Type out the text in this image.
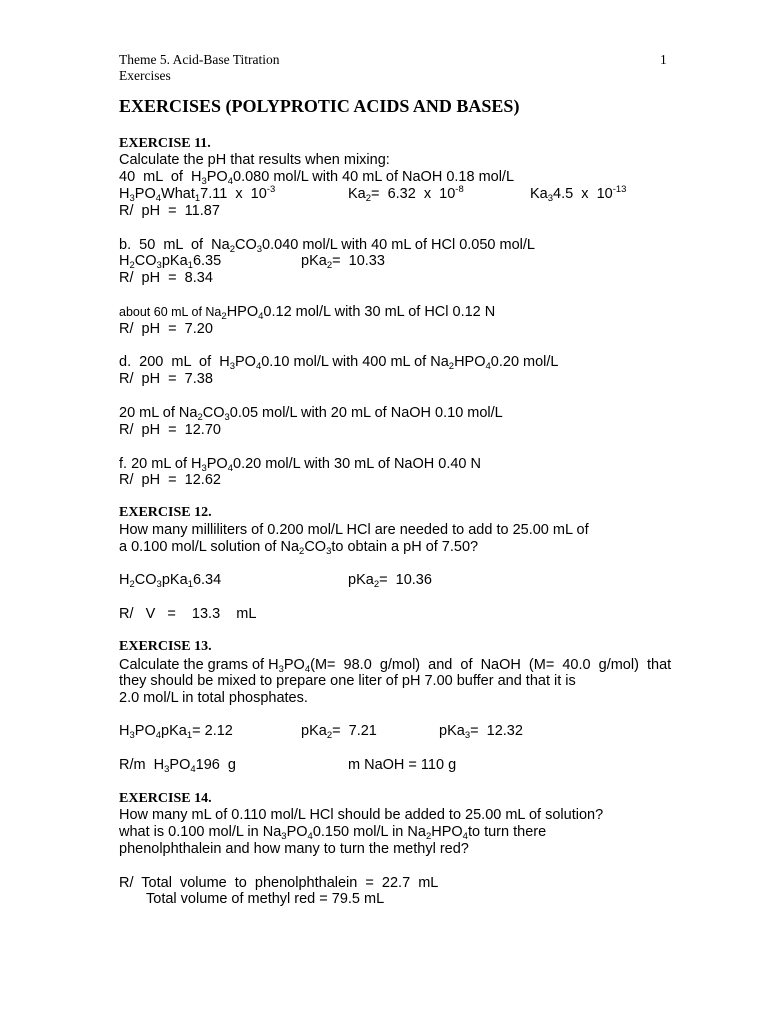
Theme 5. Acid-Base Titration
Exercises
1
EXERCISES (POLYPROTIC ACIDS AND BASES)
EXERCISE 11.
Calculate the pH that results when mixing:
40  mL  of  $H_3PO_40.080$ mol/L with 40 mL of NaOH 0.18 mol/L
$H_3PO_4What_17.11$  x  $10^{-3}$	$Ka_2= 6.32$  x  $10^{-8}$	$Ka_34.5$  x  $10^{-13}$
R/  pH  =  11.87
b.  50  mL  of  $Na_2CO_30.040$ mol/L with 40 mL of HCl 0.050 mol/L
$H_2CO_3pKa_16.35$	pKa$_2$=  10.33
R/  pH  =  8.34
about 60 mL of $Na_2HPO_40.12$ mol/L with 30 mL of HCl 0.12 N
R/  pH  =  7.20
d.  200  mL  of  $H_3PO_40.10$ mol/L with 400 mL of $Na_2HPO_40.20$ mol/L
R/  pH  =  7.38
20 mL of $Na_2CO_30.05$ mol/L with 20 mL of NaOH 0.10 mol/L
R/  pH  =  12.70
f. 20 mL of $H_3PO_40.20$ mol/L with 30 mL of NaOH 0.40 N
R/  pH  =  12.62
EXERCISE 12.
How many milliliters of 0.200 mol/L HCl are needed to add to 25.00 mL of
a 0.100 mol/L solution of $Na_2CO_3to$ obtain a pH of 7.50?
$H_2CO_3pKa_16.34$	pKa$_2$=  10.36
R/   V   =    13.3    mL
EXERCISE 13.
Calculate the grams of $H_3PO_4(M= 98.0$  g/mol)  and  of  NaOH  (M=  40.0  g/mol)  that
they should be mixed to prepare one liter of pH 7.00 buffer and that it is
2.0 mol/L in total phosphates.
$H_3PO_4pKa_1= 2.12$	pKa$_2$=  7.21	pKa$_3$=  12.32
R/m  $H_3PO_4196$  g	m NaOH = 110 g
EXERCISE 14.
How many mL of 0.110 mol/L HCl should be added to 25.00 mL of solution?
what is 0.100 mol/L in $Na_3PO_40.150$ mol/L in $Na_2HPO_4to$ turn there
phenolphthalein and how many to turn the methyl red?
R/  Total  volume  to  phenolphthalein  =  22.7  mL
Total volume of methyl red = 79.5 mL
